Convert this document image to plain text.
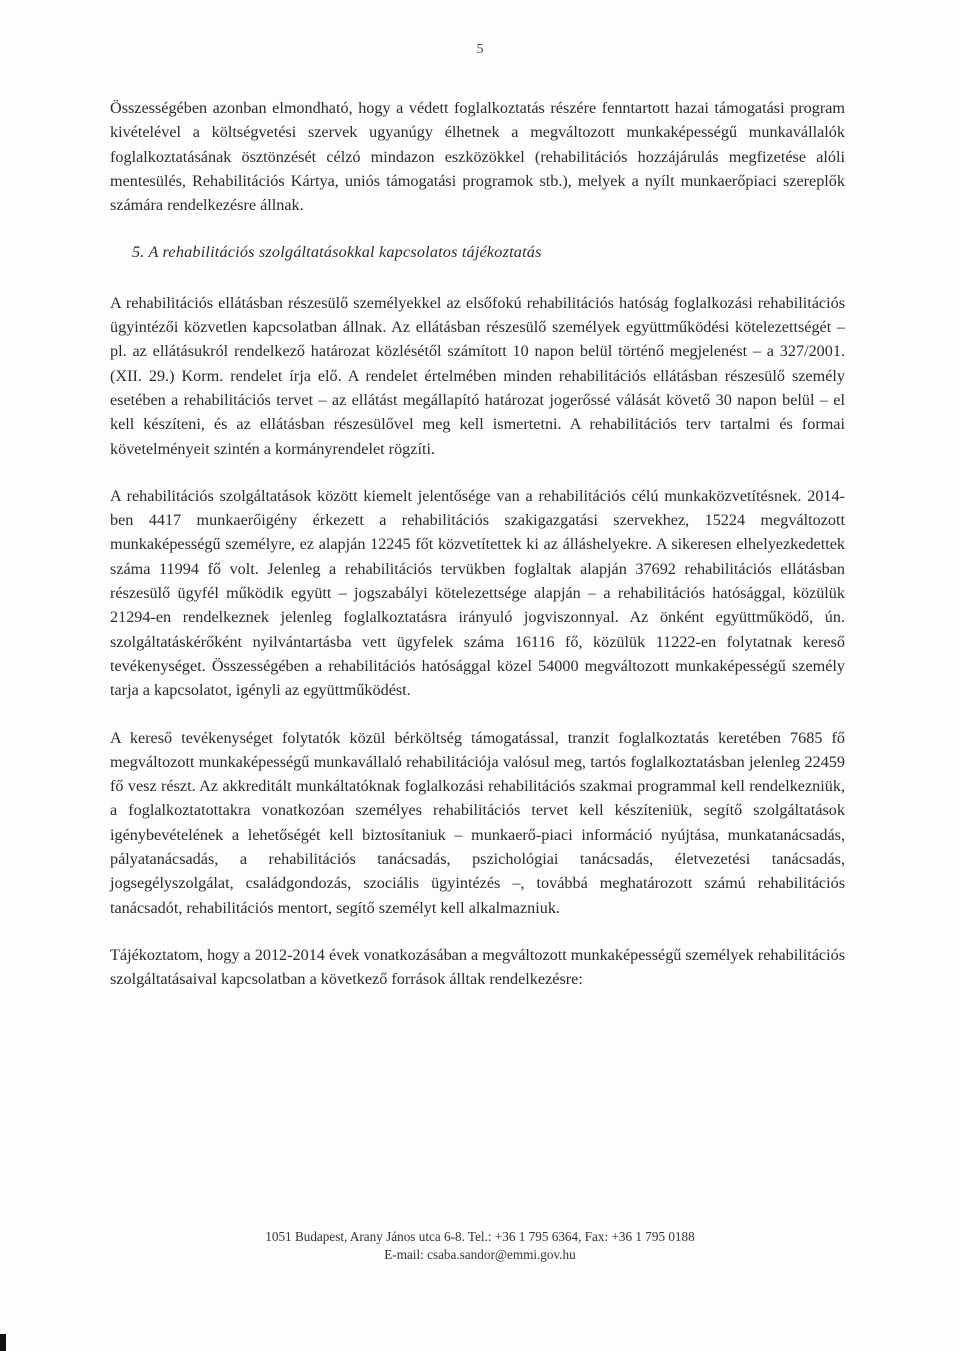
5

Összességében azonban elmondható, hogy a védett foglalkoztatás részére fenntartott hazai támogatási program kivételével a költségvetési szervek ugyanúgy élhetnek a megváltozott munkaképességű munkavállalók foglalkoztatásának ösztönzését célzó mindazon eszközökkel (rehabilitációs hozzájárulás megfizetése alóli mentesülés, Rehabilitációs Kártya, uniós támogatási programok stb.), melyek a nyílt munkaerőpiaci szereplők számára rendelkezésre állnak.

5. A rehabilitációs szolgáltatásokkal kapcsolatos tájékoztatás

A rehabilitációs ellátásban részesülő személyekkel az elsőfokú rehabilitációs hatóság foglalkozási rehabilitációs ügyintézői közvetlen kapcsolatban állnak. Az ellátásban részesülő személyek együttműködési kötelezettségét – pl. az ellátásukról rendelkező határozat közlésétől számított 10 napon belül történő megjelenést – a 327/2001. (XII. 29.) Korm. rendelet írja elő. A rendelet értelmében minden rehabilitációs ellátásban részesülő személy esetében a rehabilitációs tervet – az ellátást megállapító határozat jogerőssé válását követő 30 napon belül – el kell készíteni, és az ellátásban részesülővel meg kell ismertetni. A rehabilitációs terv tartalmi és formai követelményeit szintén a kormányrendelet rögzíti.

A rehabilitációs szolgáltatások között kiemelt jelentősége van a rehabilitációs célú munkaközvetítésnek. 2014-ben 4417 munkaerőigény érkezett a rehabilitációs szakigazgatási szervekhez, 15224 megváltozott munkaképességű személyre, ez alapján 12245 főt közvetítettek ki az álláshelyekre. A sikeresen elhelyezkedettek száma 11994 fő volt. Jelenleg a rehabilitációs tervükben foglaltak alapján 37692 rehabilitációs ellátásban részesülő ügyfél működik együtt – jogszabályi kötelezettsége alapján – a rehabilitációs hatósággal, közülük 21294-en rendelkeznek jelenleg foglalkoztatásra irányuló jogviszonnyal. Az önként együttműködő, ún. szolgáltatáskérőként nyilvántartásba vett ügyfelek száma 16116 fő, közülük 11222-en folytatnak kereső tevékenységet. Összességében a rehabilitációs hatósággal közel 54000 megváltozott munkaképességű személy tarja a kapcsolatot, igényli az együttműködést.

A kereső tevékenységet folytatók közül bérköltség támogatással, tranzit foglalkoztatás keretében 7685 fő megváltozott munkaképességű munkavállaló rehabilitációja valósul meg, tartós foglalkoztatásban jelenleg 22459 fő vesz részt. Az akkreditált munkáltatóknak foglalkozási rehabilitációs szakmai programmal kell rendelkezniük, a foglalkoztatottakra vonatkozóan személyes rehabilitációs tervet kell készíteniük, segítő szolgáltatások igénybevételének a lehetőségét kell biztosítaniuk – munkaerő-piaci információ nyújtása, munkatanácsadás, pályatanácsadás, a rehabilitációs tanácsadás, pszichológiai tanácsadás, életvezetési tanácsadás, jogsegélyszolgálat, családgondozás, szociális ügyintézés –, továbbá meghatározott számú rehabilitációs tanácsadót, rehabilitációs mentort, segítő személyt kell alkalmazniuk.

Tájékoztatom, hogy a 2012-2014 évek vonatkozásában a megváltozott munkaképességű személyek rehabilitációs szolgáltatásaival kapcsolatban a következő források álltak rendelkezésre:

1051 Budapest, Arany János utca 6-8. Tel.: +36 1 795 6364, Fax: +36 1 795 0188
E-mail: csaba.sandor@emmi.gov.hu
